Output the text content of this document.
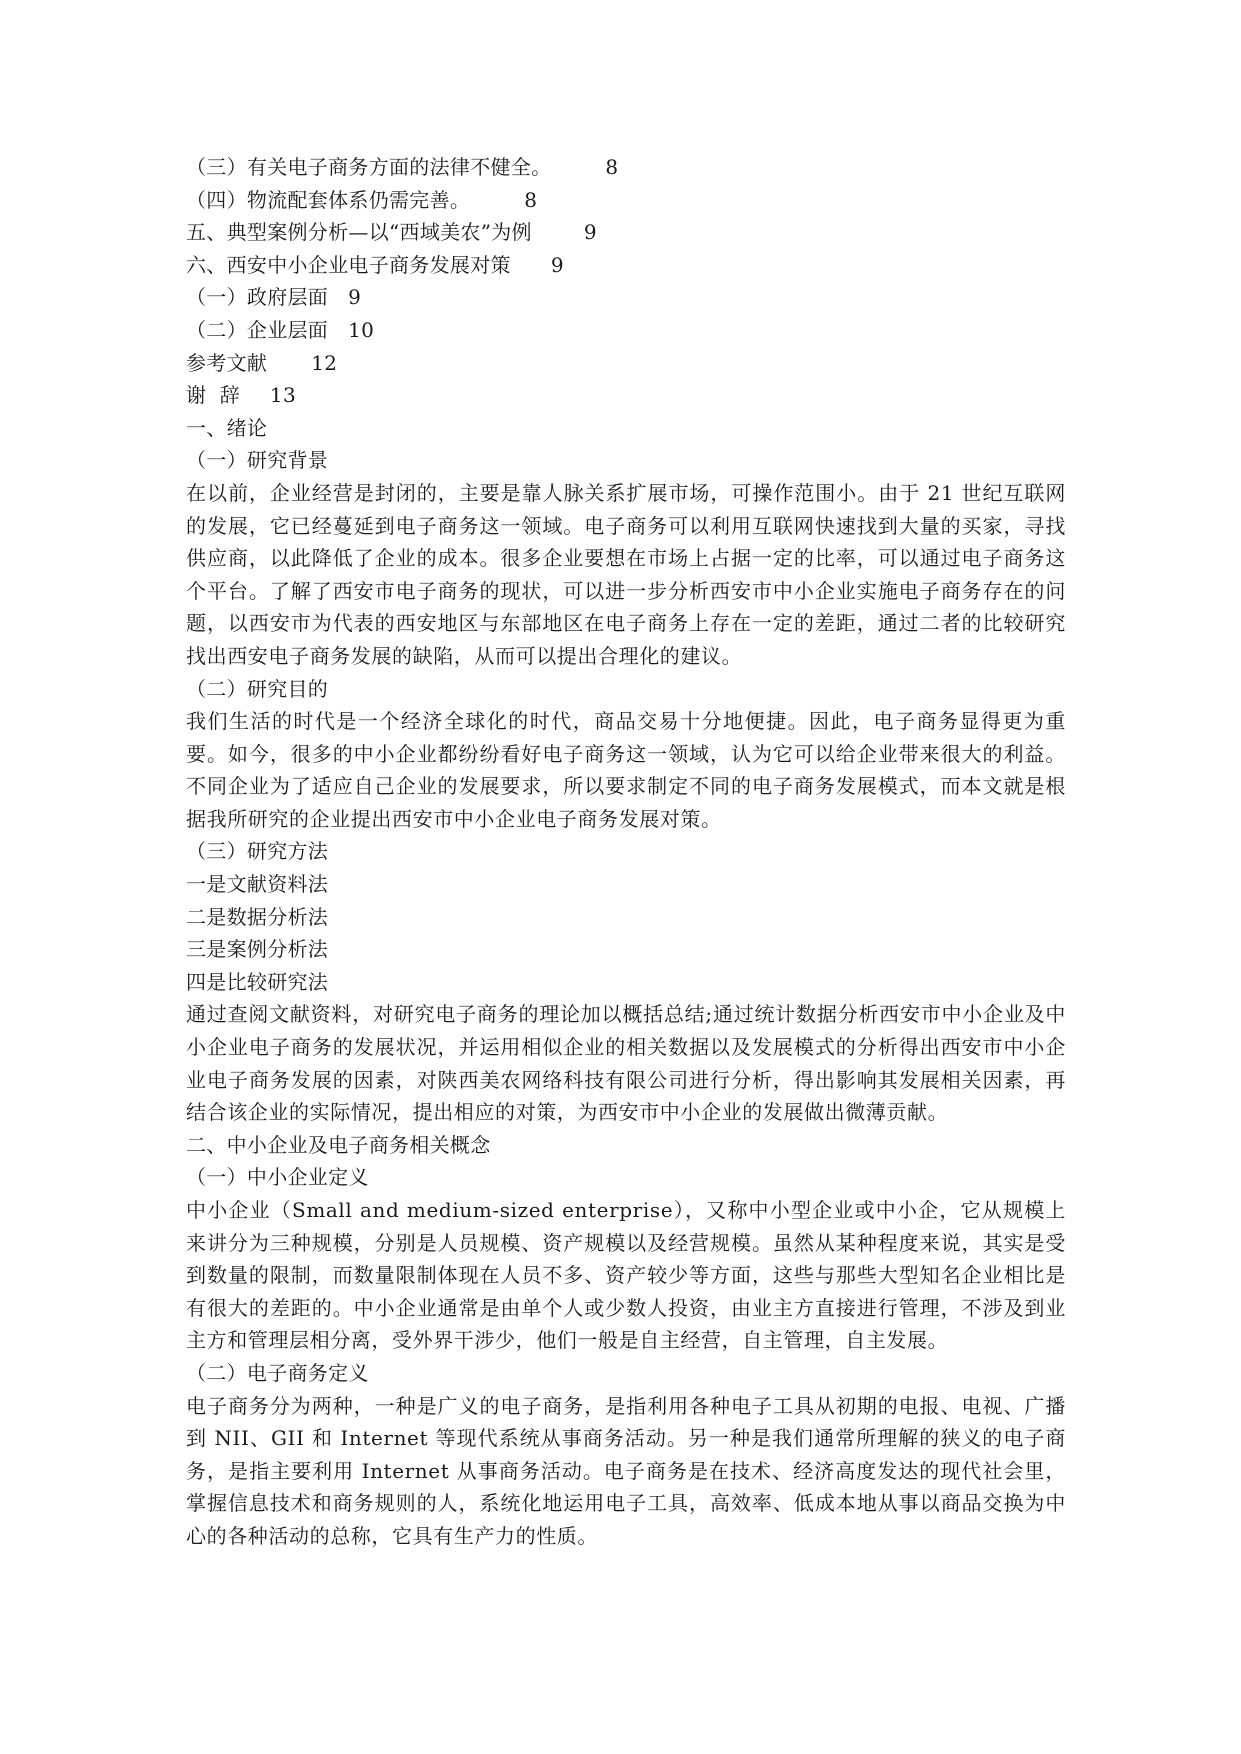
（三）有关电子商务方面的法律不健全。	8
（四）物流配套体系仍需完善。	8
五、典型案例分析—以“西域美农”为例	9
六、西安中小企业电子商务发展对策 9
（一）政府层面 9
（二）企业层面 10
参考文献 12
谢  辞 13
一、绪论
（一）研究背景
在以前，企业经营是封闭的，主要是靠人脉关系扩展市场，可操作范围小。由于 21 世纪互联网的发展，它已经蔓延到电子商务这一领域。电子商务可以利用互联网快速找到大量的买家，寻找供应商，以此降低了企业的成本。很多企业要想在市场上占据一定的比率，可以通过电子商务这个平台。了解了西安市电子商务的现状，可以进一步分析西安市中小企业实施电子商务存在的问题，以西安市为代表的西安地区与东部地区在电子商务上存在一定的差距，通过二者的比较研究找出西安电子商务发展的缺陷，从而可以提出合理化的建议。
（二）研究目的
我们生活的时代是一个经济全球化的时代，商品交易十分地便捷。因此，电子商务显得更为重要。如今，很多的中小企业都纷纷看好电子商务这一领域，认为它可以给企业带来很大的利益。不同企业为了适应自己企业的发展要求，所以要求制定不同的电子商务发展模式，而本文就是根据我所研究的企业提出西安市中小企业电子商务发展对策。
（三）研究方法
一是文献资料法
二是数据分析法
三是案例分析法
四是比较研究法
通过查阅文献资料，对研究电子商务的理论加以概括总结;通过统计数据分析西安市中小企业及中小企业电子商务的发展状况，并运用相似企业的相关数据以及发展模式的分析得出西安市中小企业电子商务发展的因素，对陕西美农网络科技有限公司进行分析，得出影响其发展相关因素，再结合该企业的实际情况，提出相应的对策，为西安市中小企业的发展做出微薄贡献。
二、中小企业及电子商务相关概念
（一）中小企业定义
中小企业（Small and medium-sized enterprise），又称中小型企业或中小企，它从规模上来讲分为三种规模，分别是人员规模、资产规模以及经营规模。虽然从某种程度来说，其实是受到数量的限制，而数量限制体现在人员不多、资产较少等方面，这些与那些大型知名企业相比是有很大的差距的。中小企业通常是由单个人或少数人投资，由业主方直接进行管理，不涉及到业主方和管理层相分离，受外界干涉少，他们一般是自主经营，自主管理，自主发展。
（二）电子商务定义
电子商务分为两种，一种是广义的电子商务，是指利用各种电子工具从初期的电报、电视、广播到 NII、GII 和 Internet 等现代系统从事商务活动。另一种是我们通常所理解的狭义的电子商务，是指主要利用 Internet 从事商务活动。电子商务是在技术、经济高度发达的现代社会里，掌握信息技术和商务规则的人，系统化地运用电子工具，高效率、低成本地从事以商品交换为中心的各种活动的总称，它具有生产力的性质。
